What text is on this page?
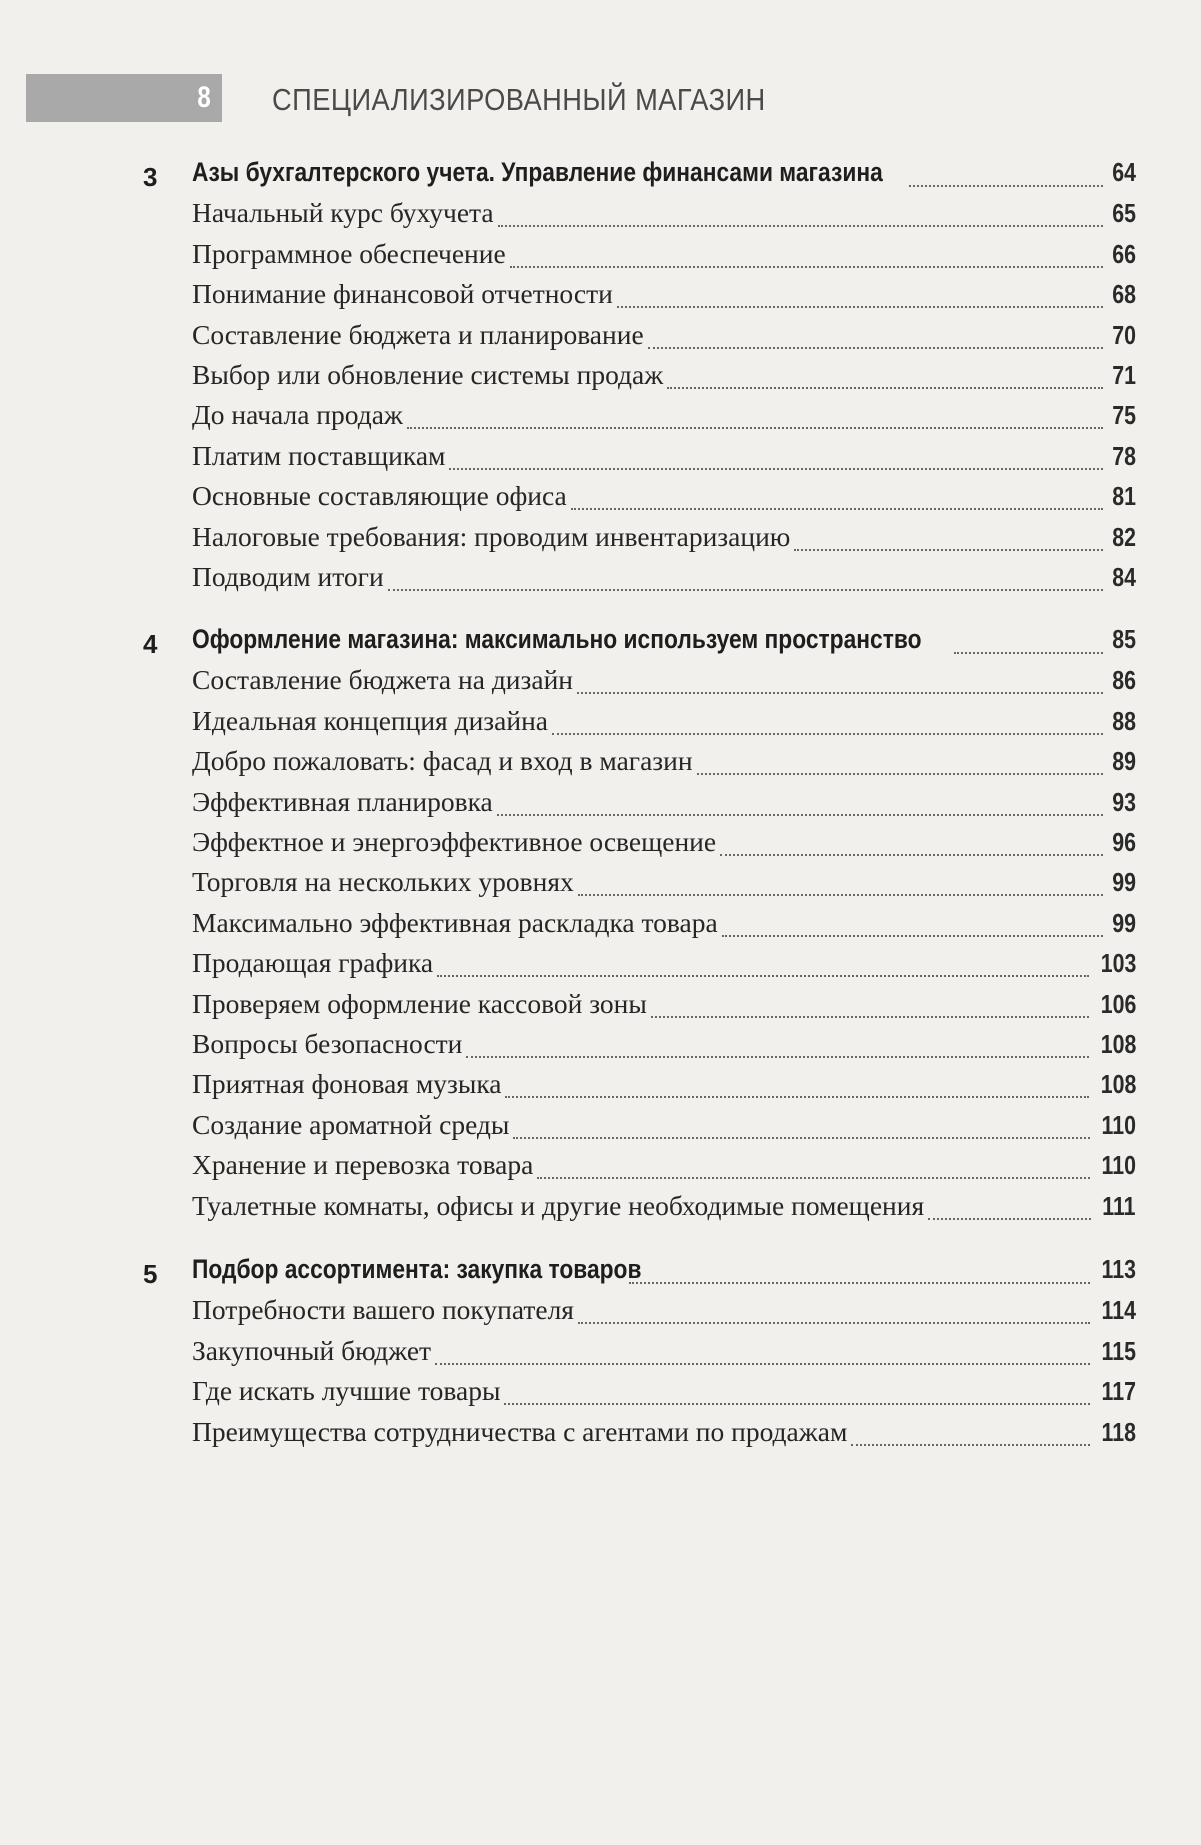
8 СПЕЦИАЛИЗИРОВАННЫЙ МАГАЗИН
3	Азы бухгалтерского учета. Управление финансами магазина	64
Начальный курс бухучета	65
Программное обеспечение	66
Понимание финансовой отчетности	68
Составление бюджета и планирование	70
Выбор или обновление системы продаж	71
До начала продаж	75
Платим поставщикам	78
Основные составляющие офиса	81
Налоговые требования: проводим инвентаризацию	82
Подводим итоги	84
4	Оформление магазина: максимально используем пространство	85
Составление бюджета на дизайн	86
Идеальная концепция дизайна	88
Добро пожаловать: фасад и вход в магазин	89
Эффективная планировка	93
Эффектное и энергоэффективное освещение	96
Торговля на нескольких уровнях	99
Максимально эффективная раскладка товара	99
Продающая графика	103
Проверяем оформление кассовой зоны	106
Вопросы безопасности	108
Приятная фоновая музыка	108
Создание ароматной среды	110
Хранение и перевозка товара	110
Туалетные комнаты, офисы и другие необходимые помещения	111
5	Подбор ассортимента: закупка товаров	113
Потребности вашего покупателя	114
Закупочный бюджет	115
Где искать лучшие товары	117
Преимущества сотрудничества с агентами по продажам	118
